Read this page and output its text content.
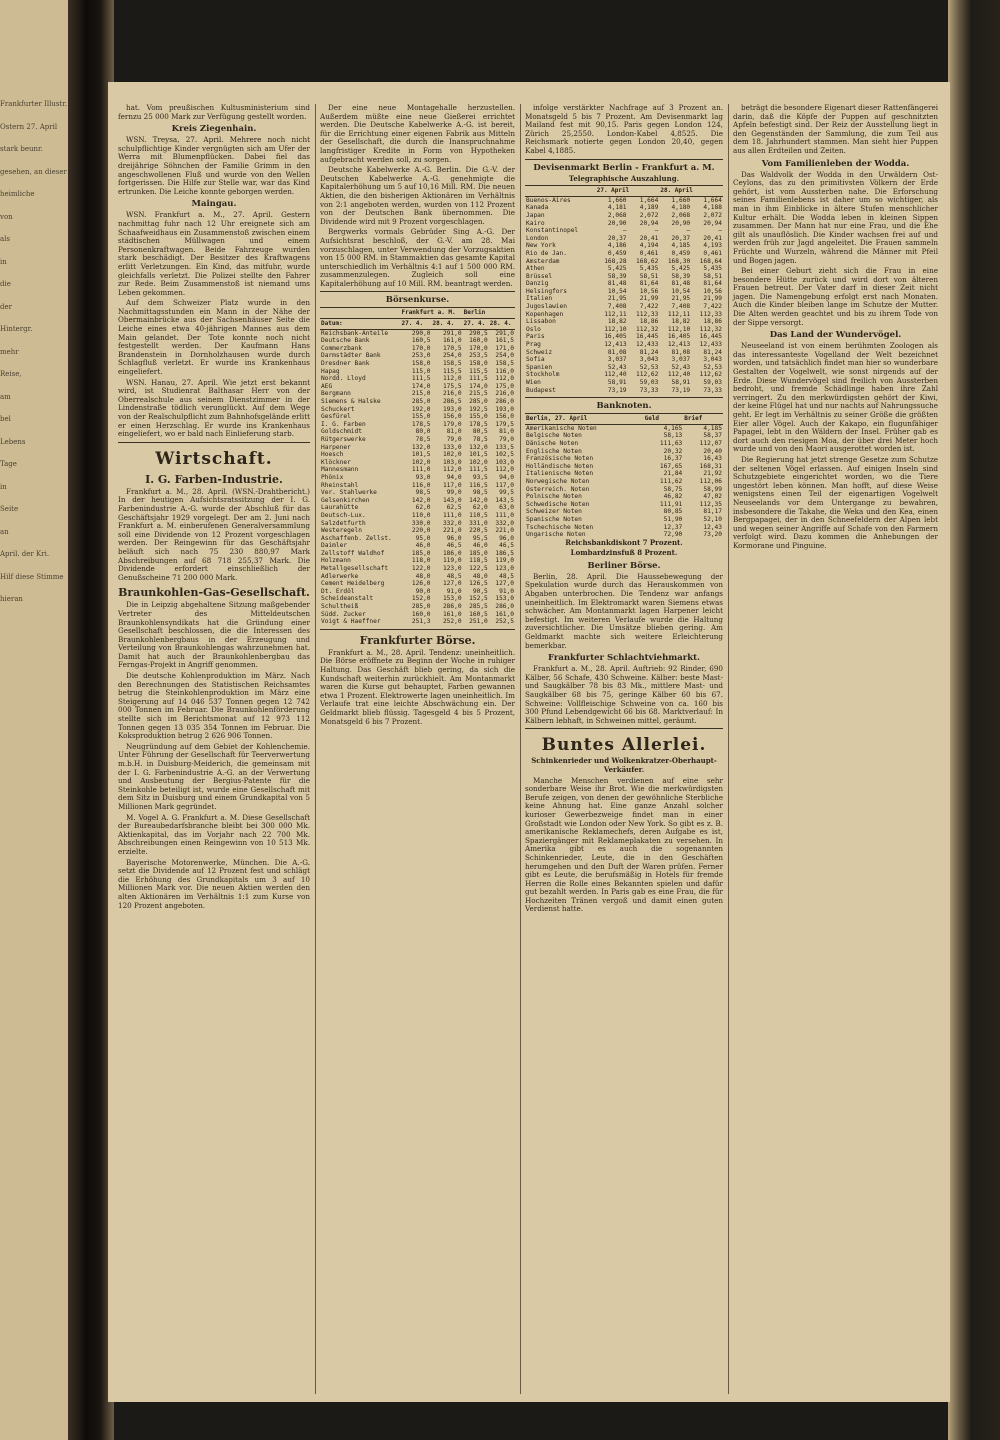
Frankfurter Illustr.

Ostern 27. April

stark beunr.

gesehen, an dieser

heimliche

von

als

in

die

der

Hintergr.

mehr

Reise,

am

bel

Lebens

Tage

in

Seite

an

April. der Kri.

Hilf diese Stimme

hieran

hat. Vom preußischen Kultusministerium sind fernzu 25 000 Mark zur Verfügung gestellt worden.

Kreis Ziegenhain.

WSN. Treysa, 27. April. Mehrere noch nicht schulpflichtige Kinder vergnügten sich am Ufer der Werra mit Blumenpflücken. Dabei fiel das dreijährige Söhnchen der Familie Grimm in den angeschwollenen Fluß und wurde von den Wellen fortgerissen. Die Hilfe zur Stelle war, war das Kind ertrunken. Die Leiche konnte geborgen werden.

Maingau.

WSN. Frankfurt a. M., 27. April. Gestern nachmittag fuhr nach 12 Uhr ereignete sich am Schaafweidhaus ein Zusammenstoß zwischen einem städtischen Müllwagen und einem Personenkraftwagen. Beide Fahrzeuge wurden stark beschädigt. Der Besitzer des Kraftwagens erlitt Verletzungen. Ein Kind, das mitfuhr, wurde gleichfalls verletzt. Die Polizei stellte den Fahrer zur Rede. Beim Zusammenstoß ist niemand ums Leben gekommen.

Auf dem Schweizer Platz wurde in den Nachmittagsstunden ein Mann in der Nähe der Obermainbrücke aus der Sachsenhäuser Seite die Leiche eines etwa 40-jährigen Mannes aus dem Main gelandet. Der Tote konnte noch nicht festgestellt werden. Der Kaufmann Hans Brandenstein in Dornholzhausen wurde durch Schlagfluß verletzt. Er wurde ins Krankenhaus eingeliefert.

WSN. Hanau, 27. April. Wie jetzt erst bekannt wird, ist Studienrat Balthasar Herr von der Oberrealschule aus seinem Dienstzimmer in der Lindenstraße tödlich verunglückt. Auf dem Wege von der Realschulpflicht zum Bahnhofsgelände erlitt er einen Herzschlag. Er wurde ins Krankenhaus eingeliefert, wo er bald nach Einlieferung starb.

Wirtschaft.
I. G. Farben-Industrie.

Frankfurt a. M., 28. April. (WSN.-Drahtbericht.) In der heutigen Aufsichtsratssitzung der I. G. Farbenindustrie A.-G. wurde der Abschluß für das Geschäftsjahr 1929 vorgelegt. Der am 2. Juni nach Frankfurt a. M. einberufenen Generalversammlung soll eine Dividende von 12 Prozent vorgeschlagen werden. Der Reingewinn für das Geschäftsjahr beläuft sich nach 75 230 880,97 Mark Abschreibungen auf 68 718 255,37 Mark. Die Dividende erfordert einschließlich der Genußscheine 71 200 000 Mark.

Braunkohlen-Gas-Gesellschaft.

Die in Leipzig abgehaltene Sitzung maßgebender Vertreter des Mitteldeutschen Braunkohlensyndikats hat die Gründung einer Gesellschaft beschlossen, die die Interessen des Braunkohlenbergbaus in der Erzeugung und Verteilung von Braunkohlengas wahrzunehmen hat. Damit hat auch der Braunkohlenbergbau das Ferngas-Projekt in Angriff genommen.

Die deutsche Kohlenproduktion im März. Nach den Berechnungen des Statistischen Reichsamtes betrug die Steinkohlenproduktion im März eine Steigerung auf 14 046 537 Tonnen gegen 12 742 000 Tonnen im Februar. Die Braunkohlenförderung stellte sich im Berichtsmonat auf 12 973 112 Tonnen gegen 13 035 354 Tonnen im Februar. Die Koksproduktion betrug 2 626 906 Tonnen.

Neugründung auf dem Gebiet der Kohlenchemie. Unter Führung der Gesellschaft für Teerverwertung m.b.H. in Duisburg-Meiderich, die gemeinsam mit der I. G. Farbenindustrie A.-G. an der Verwertung und Ausbeutung der Bergius-Patente für die Steinkohle beteiligt ist, wurde eine Gesellschaft mit dem Sitz in Duisburg und einem Grundkapital von 5 Millionen Mark gegründet.

M. Vogel A. G. Frankfurt a. M. Diese Gesellschaft der Bureaubedarfsbranche bleibt bei 300 000 Mk. Aktienkapital, das im Vorjahr nach 22 700 Mk. Abschreibungen einen Reingewinn von 10 513 Mk. erzielte.

Bayerische Motorenwerke, München. Die A.-G. setzt die Dividende auf 12 Prozent fest und schlägt die Erhöhung des Grundkapitals um 3 auf 10 Millionen Mark vor. Die neuen Aktien werden den alten Aktionären im Verhältnis 1:1 zum Kurse von 120 Prozent angeboten.

Der eine neue Montagehalle herzustellen. Außerdem müßte eine neue Gießerei errichtet werden. Die Deutsche Kabelwerke A.-G. ist bereit, für die Errichtung einer eigenen Fabrik aus Mitteln der Gesellschaft, die durch die Inanspruchnahme langfristiger Kredite in Form von Hypotheken aufgebracht werden soll, zu sorgen.

Deutsche Kabelwerke A.-G. Berlin. Die G.-V. der Deutschen Kabelwerke A.-G. genehmigte die Kapitalerhöhung um 5 auf 10,16 Mill. RM. Die neuen Aktien, die den bisherigen Aktionären im Verhältnis von 2:1 angeboten werden, wurden von 112 Prozent von der Deutschen Bank übernommen. Die Dividende wird mit 9 Prozent vorgeschlagen.

Bergwerks vormals Gebrüder Sing A.-G. Der Aufsichtsrat beschloß, der G.-V. am 28. Mai vorzuschlagen, unter Verwendung der Vorzugsaktien von 15 000 RM. in Stammaktien das gesamte Kapital unterschiedlich im Verhältnis 4:1 auf 1 500 000 RM. zusammenzulegen. Zugleich soll eine Kapitalerhöhung auf 10 Mill. RM. beantragt werden.

Börsenkurse.
	Frankfurt a. M.		Berlin	
Datum:	27. 4.	28. 4.	27. 4.	28. 4.
Reichsbank-Anteile	290,0	291,0	290,5	291,0
Deutsche Bank	160,5	161,0	160,0	161,5
Commerzbank	170,0	170,5	170,0	171,0
Darmstädter Bank	253,0	254,0	253,5	254,0
Dresdner Bank	158,0	158,5	158,0	158,5
Hapag	115,0	115,5	115,5	116,0
Nordd. Lloyd	111,5	112,0	111,5	112,0
AEG	174,0	175,5	174,0	175,0
Bergmann	215,0	216,0	215,5	216,0
Siemens & Halske	285,0	286,5	285,0	286,0
Schuckert	192,0	193,0	192,5	193,0
Gesfürel	155,0	156,0	155,0	156,0
I. G. Farben	178,5	179,0	178,5	179,5
Goldschmidt	80,0	81,0	80,5	81,0
Rütgerswerke	78,5	79,0	78,5	79,0
Harpener	132,0	133,0	132,0	133,5
Hoesch	101,5	102,0	101,5	102,5
Klöckner	102,0	103,0	102,0	103,0
Mannesmann	111,0	112,0	111,5	112,0
Phönix	93,0	94,0	93,5	94,0
Rheinstahl	116,0	117,0	116,5	117,0
Ver. Stahlwerke	98,5	99,0	98,5	99,5
Gelsenkirchen	142,0	143,0	142,0	143,5
Laurahütte	62,0	62,5	62,0	63,0
Deutsch-Lux.	110,0	111,0	110,5	111,0
Salzdetfurth	330,0	332,0	331,0	332,0
Westeregeln	220,0	221,0	220,5	221,0
Aschaffenb. Zellst.	95,0	96,0	95,5	96,0
Daimler	46,0	46,5	46,0	46,5
Zellstoff Waldhof	185,0	186,0	185,0	186,5
Holzmann	118,0	119,0	118,5	119,0
Metallgesellschaft	122,0	123,0	122,5	123,0
Adlerwerke	48,0	48,5	48,0	48,5
Cement Heidelberg	126,0	127,0	126,5	127,0
Dt. Erdöl	90,0	91,0	90,5	91,0
Scheideanstalt	152,0	153,0	152,5	153,0
Schultheiß	285,0	286,0	285,5	286,0
Südd. Zucker	160,0	161,0	160,5	161,0
Voigt & Haeffner	251,3	252,0	251,0	252,5
Frankfurter Börse.

Frankfurt a. M., 28. April. Tendenz: uneinheitlich. Die Börse eröffnete zu Beginn der Woche in ruhiger Haltung. Das Geschäft blieb gering, da sich die Kundschaft weiterhin zurückhielt. Am Montanmarkt waren die Kurse gut behauptet, Farben gewannen etwa 1 Prozent. Elektrowerte lagen uneinheitlich. Im Verlaufe trat eine leichte Abschwächung ein. Der Geldmarkt blieb flüssig. Tagesgeld 4 bis 5 Prozent, Monatsgeld 6 bis 7 Prozent.

infolge verstärkter Nachfrage auf 3 Prozent an. Monatsgeld 5 bis 7 Prozent. Am Devisenmarkt lag Mailand fest mit 90,15. Paris gegen London 124, Zürich 25,2550. London-Kabel 4,8525. Die Reichsmark notierte gegen London 20,40, gegen Kabel 4,1885.

Devisenmarkt Berlin - Frankfurt a. M.
Telegraphische Auszahlung.
	27. April		28. April	
Buenos-Aires	1,660	1,664	1,660	1,664
Kanada	4,181	4,189	4,180	4,188
Japan	2,068	2,072	2,068	2,072
Kairo	20,90	20,94	20,90	20,94
Konstantinopel	—	—	—	—
London	20,37	20,41	20,37	20,41
New York	4,186	4,194	4,185	4,193
Rio de Jan.	0,459	0,461	0,459	0,461
Amsterdam	168,28	168,62	168,30	168,64
Athen	5,425	5,435	5,425	5,435
Brüssel	58,39	58,51	58,39	58,51
Danzig	81,48	81,64	81,48	81,64
Helsingfors	10,54	10,56	10,54	10,56
Italien	21,95	21,99	21,95	21,99
Jugoslawien	7,408	7,422	7,408	7,422
Kopenhagen	112,11	112,33	112,11	112,33
Lissabon	18,82	18,86	18,82	18,86
Oslo	112,10	112,32	112,10	112,32
Paris	16,405	16,445	16,405	16,445
Prag	12,413	12,433	12,413	12,433
Schweiz	81,08	81,24	81,08	81,24
Sofia	3,037	3,043	3,037	3,043
Spanien	52,43	52,53	52,43	52,53
Stockholm	112,40	112,62	112,40	112,62
Wien	58,91	59,03	58,91	59,03
Budapest	73,19	73,33	73,19	73,33
Banknoten.
Berlin, 27. April	Geld	Brief
Amerikanische Noten	4,165	4,185
Belgische Noten	58,13	58,37
Dänische Noten	111,63	112,07
Englische Noten	20,32	20,40
Französische Noten	16,37	16,43
Holländische Noten	167,65	168,31
Italienische Noten	21,84	21,92
Norwegische Noten	111,62	112,06
Österreich. Noten	58,75	58,99
Polnische Noten	46,82	47,02
Schwedische Noten	111,91	112,35
Schweizer Noten	80,85	81,17
Spanische Noten	51,90	52,10
Tschechische Noten	12,37	12,43
Ungarische Noten	72,90	73,20
Reichsbankdiskont 7 Prozent.
Lombardzinsfuß 8 Prozent.
Berliner Börse.

Berlin, 28. April. Die Haussebewegung der Spekulation wurde durch das Herauskommen von Abgaben unterbrochen. Die Tendenz war anfangs uneinheitlich. Im Elektromarkt waren Siemens etwas schwächer. Am Montanmarkt lagen Harpener leicht befestigt. Im weiteren Verlaufe wurde die Haltung zuversichtlicher. Die Umsätze blieben gering. Am Geldmarkt machte sich weitere Erleichterung bemerkbar.

Frankfurter Schlachtviehmarkt.

Frankfurt a. M., 28. April. Auftrieb: 92 Rinder, 690 Kälber, 56 Schafe, 430 Schweine. Kälber: beste Mast- und Saugkälber 78 bis 83 Mk., mittlere Mast- und Saugkälber 68 bis 75, geringe Kälber 60 bis 67. Schweine: Vollfleischige Schweine von ca. 160 bis 300 Pfund Lebendgewicht 66 bis 68. Marktverlauf: In Kälbern lebhaft, in Schweinen mittel, geräumt.

Buntes Allerlei.
Schinkenrieder und Wolkenkratzer-Oberhaupt-Verkäufer.

Manche Menschen verdienen auf eine sehr sonderbare Weise ihr Brot. Wie die merkwürdigsten Berufe zeigen, von denen der gewöhnliche Sterbliche keine Ahnung hat. Eine ganze Anzahl solcher kurioser Gewerbezweige findet man in einer Großstadt wie London oder New York. So gibt es z. B. amerikanische Reklamechefs, deren Aufgabe es ist, Spaziergänger mit Reklameplakaten zu versehen. In Amerika gibt es auch die sogenannten Schinkenrieder, Leute, die in den Geschäften herumgehen und den Duft der Waren prüfen. Ferner gibt es Leute, die berufsmäßig in Hotels für fremde Herren die Rolle eines Bekannten spielen und dafür gut bezahlt werden. In Paris gab es eine Frau, die für Hochzeiten Tränen vergoß und damit einen guten Verdienst hatte.

beträgt die besondere Eigenart dieser Rattenfängerei darin, daß die Köpfe der Puppen auf geschnitzten Apfeln befestigt sind. Der Reiz der Ausstellung liegt in den Gegenständen der Sammlung, die zum Teil aus dem 18. Jahrhundert stammen. Man sieht hier Puppen aus allen Erdteilen und Zeiten.

Vom Familienleben der Wodda.

Das Waldvolk der Wodda in den Urwäldern Ost-Ceylons, das zu den primitivsten Völkern der Erde gehört, ist vom Aussterben nahe. Die Erforschung seines Familienlebens ist daher um so wichtiger, als man in ihm Einblicke in ältere Stufen menschlicher Kultur erhält. Die Wodda leben in kleinen Sippen zusammen. Der Mann hat nur eine Frau, und die Ehe gilt als unauflöslich. Die Kinder wachsen frei auf und werden früh zur Jagd angeleitet. Die Frauen sammeln Früchte und Wurzeln, während die Männer mit Pfeil und Bogen jagen.

Bei einer Geburt zieht sich die Frau in eine besondere Hütte zurück und wird dort von älteren Frauen betreut. Der Vater darf in dieser Zeit nicht jagen. Die Namengebung erfolgt erst nach Monaten. Auch die Kinder bleiben lange im Schutze der Mutter. Die Alten werden geachtet und bis zu ihrem Tode von der Sippe versorgt.

Das Land der Wundervögel.

Neuseeland ist von einem berühmten Zoologen als das interessanteste Vogelland der Welt bezeichnet worden, und tatsächlich findet man hier so wunderbare Gestalten der Vogelwelt, wie sonst nirgends auf der Erde. Diese Wundervögel sind freilich von Aussterben bedroht, und fremde Schädlinge haben ihre Zahl verringert. Zu den merkwürdigsten gehört der Kiwi, der keine Flügel hat und nur nachts auf Nahrungssuche geht. Er legt im Verhältnis zu seiner Größe die größten Eier aller Vögel. Auch der Kakapo, ein flugunfähiger Papagei, lebt in den Wäldern der Insel. Früher gab es dort auch den riesigen Moa, der über drei Meter hoch wurde und von den Maori ausgerottet worden ist.

Die Regierung hat jetzt strenge Gesetze zum Schutze der seltenen Vögel erlassen. Auf einigen Inseln sind Schutzgebiete eingerichtet worden, wo die Tiere ungestört leben können. Man hofft, auf diese Weise wenigstens einen Teil der eigenartigen Vogelwelt Neuseelands vor dem Untergange zu bewahren, insbesondere die Takahe, die Weka und den Kea, einen Bergpapagei, der in den Schneefeldern der Alpen lebt und wegen seiner Angriffe auf Schafe von den Farmern verfolgt wird. Dazu kommen die Anhebungen der Kormorane und Pinguine.
